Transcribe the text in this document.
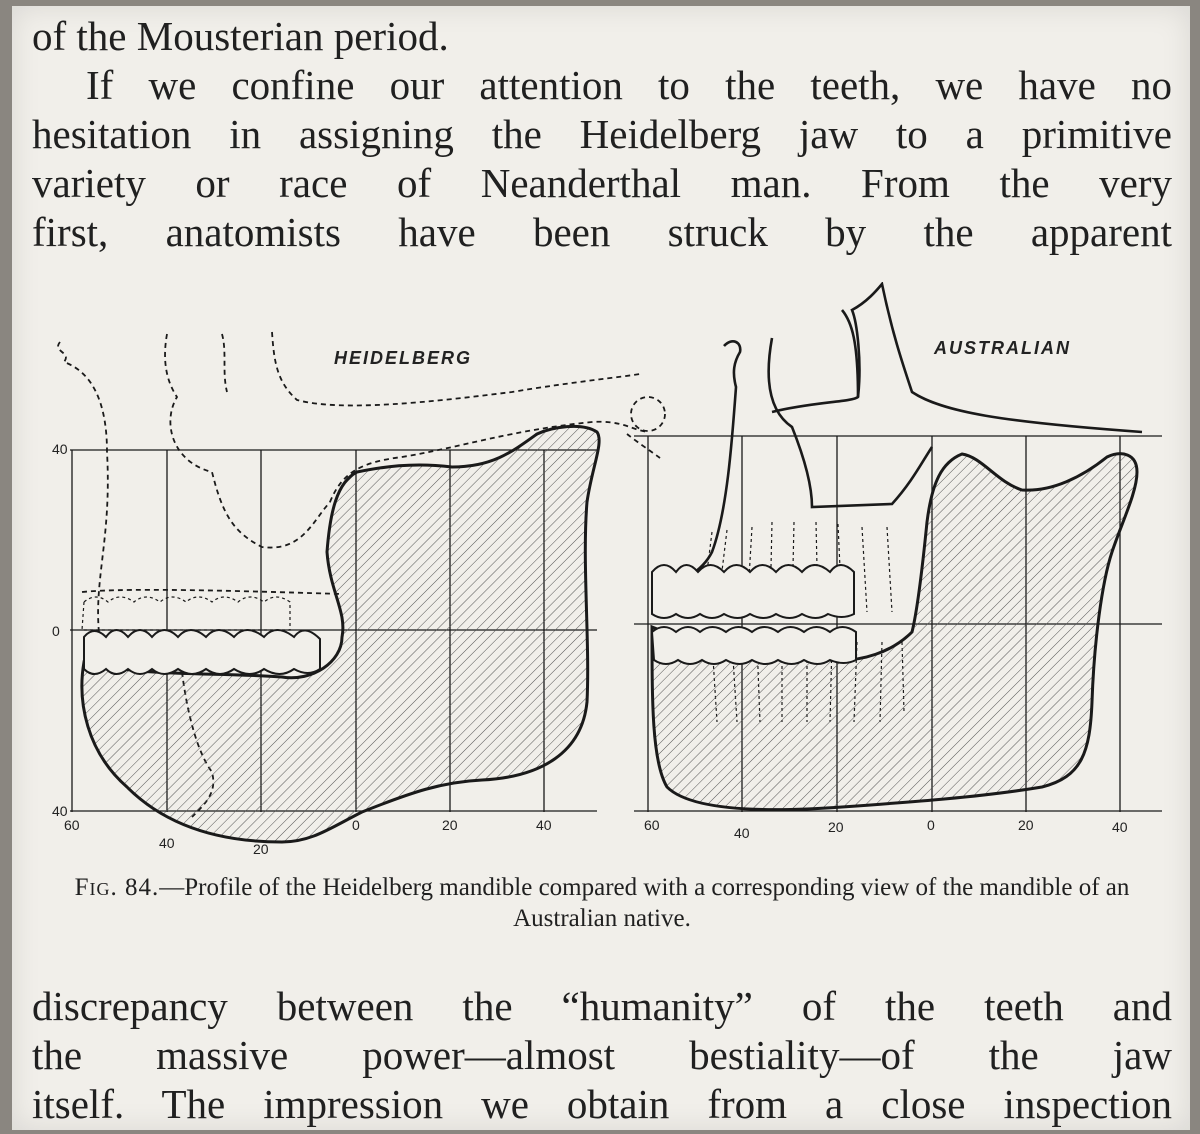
of the Mousterian period.
If we confine our attention to the teeth, we have no
hesitation in assigning the Heidelberg jaw to a primitive
variety or race of Neanderthal man. From the very
first, anatomists have been struck by the apparent
HEIDELBERG
40
0
40
60
40	20
0	20	40
AUSTRALIAN
60	40	20	0	20	40
Fig. 84.—Profile of the Heidelberg mandible compared with a corresponding view of the mandible of an Australian native.
discrepancy between the “humanity” of the teeth and
the massive power—almost bestiality—of the jaw
itself. The impression we obtain from a close inspection
